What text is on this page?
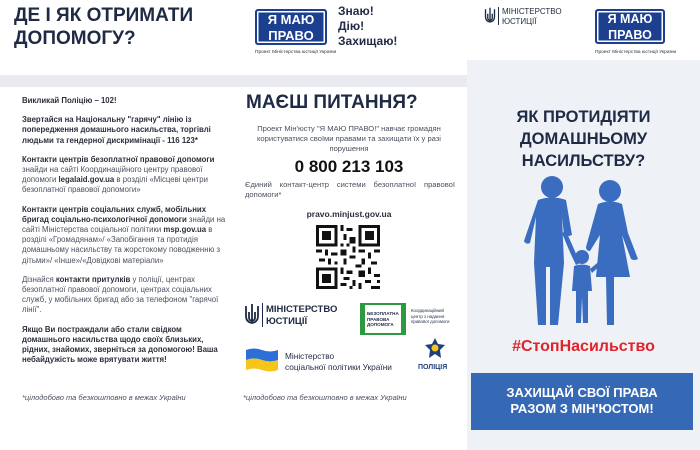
ДЕ І ЯК ОТРИМАТИ
ДОПОМОГУ?
Викликай Поліцію – 102!
Звертайся на Національну "гарячу" лінію із попередження домашнього насильства, торгівлі людьми та гендерної дискримінації - 116 123*
Контакти центрів безоплатної правової допомоги знайди на сайті Координаційного центру правової допомоги legalaid.gov.ua в розділі «Місцеві центри безоплатної правової допомоги»
Контакти центрів соціальних служб, мобільних бригад соціально-психологічної допомоги знайди на сайті Міністерства соціальної політики msp.gov.ua в розділі «Громадянам»/ «Запобігання та протидія домашньому насильству та жорстокому поводженню з дітьми»/ «Інше»/«Довідкові матеріали»
Дізнайся контакти притулків у поліції, центрах безоплатної правової допомоги, центрах соціальних служб, у мобільних бригад або за телефоном "гарячої лінії".
Якщо Ви постраждали або стали свідком домашнього насильства щодо своїх близьких, рідних, знайомих, зверніться за допомогою! Ваша небайдужість може врятувати життя!
*цілодобово та безкоштовно в межах України
Я МАЮ
ПРАВО
Проект Міністерства юстиції України
Знаю!
Дію!
Захищаю!
МАЄШ ПИТАННЯ?
Проект Мін'юсту "Я МАЮ ПРАВО!" навчає громадян користуватися своїми правами та захищати їх у разі порушення
0 800 213 103
Єдиний контакт-центр системи безоплатної правової допомоги*
pravo.minjust.gov.ua
МІНІСТЕРСТВО
ЮСТИЦІЇ
БЕЗОПЛАТНА
ПРАВОВА
ДОПОМОГА
Координаційний
центр з надання
правової допомоги
Міністерство
соціальної політики України	ПОЛІЦІЯ
*цілодобово та безкоштовно в межах України
МІНІСТЕРСТВО
ЮСТИЦІЇ	Я МАЮ
ПРАВО
Проект Міністерства юстиції України
ЯК ПРОТИДІЯТИ
ДОМАШНЬОМУ
НАСИЛЬСТВУ?
#СтопНасильство
ЗАХИЩАЙ СВОЇ ПРАВА
РАЗОМ З МІН'ЮСТОМ!
